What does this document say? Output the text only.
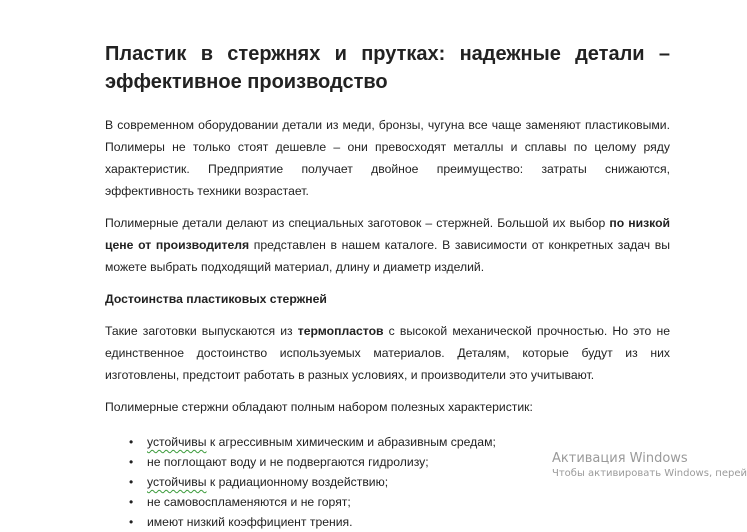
Пластик в стержнях и прутках: надежные детали – эффективное производство

В современном оборудовании детали из меди, бронзы, чугуна все чаще заменяют пластиковыми. Полимеры не только стоят дешевле – они превосходят металлы и сплавы по целому ряду характеристик. Предприятие получает двойное преимущество: затраты снижаются, эффективность техники возрастает.

Полимерные детали делают из специальных заготовок – стержней. Большой их выбор по низкой цене от производителя представлен в нашем каталоге. В зависимости от конкретных задач вы можете выбрать подходящий материал, длину и диаметр изделий.

Достоинства пластиковых стержней

Такие заготовки выпускаются из термопластов с высокой механической прочностью. Но это не единственное достоинство используемых материалов. Деталям, которые будут из них изготовлены, предстоит работать в разных условиях, и производители это учитывают.

Полимерные стержни обладают полным набором полезных характеристик:

• устойчивы к агрессивным химическим и абразивным средам;
• не поглощают воду и не подвергаются гидролизу;
• устойчивы к радиационному воздействию;
• не самовоспламеняются и не горят;
• имеют низкий коэффициент трения.
Активация Windows
Чтобы активировать Windows, перей
